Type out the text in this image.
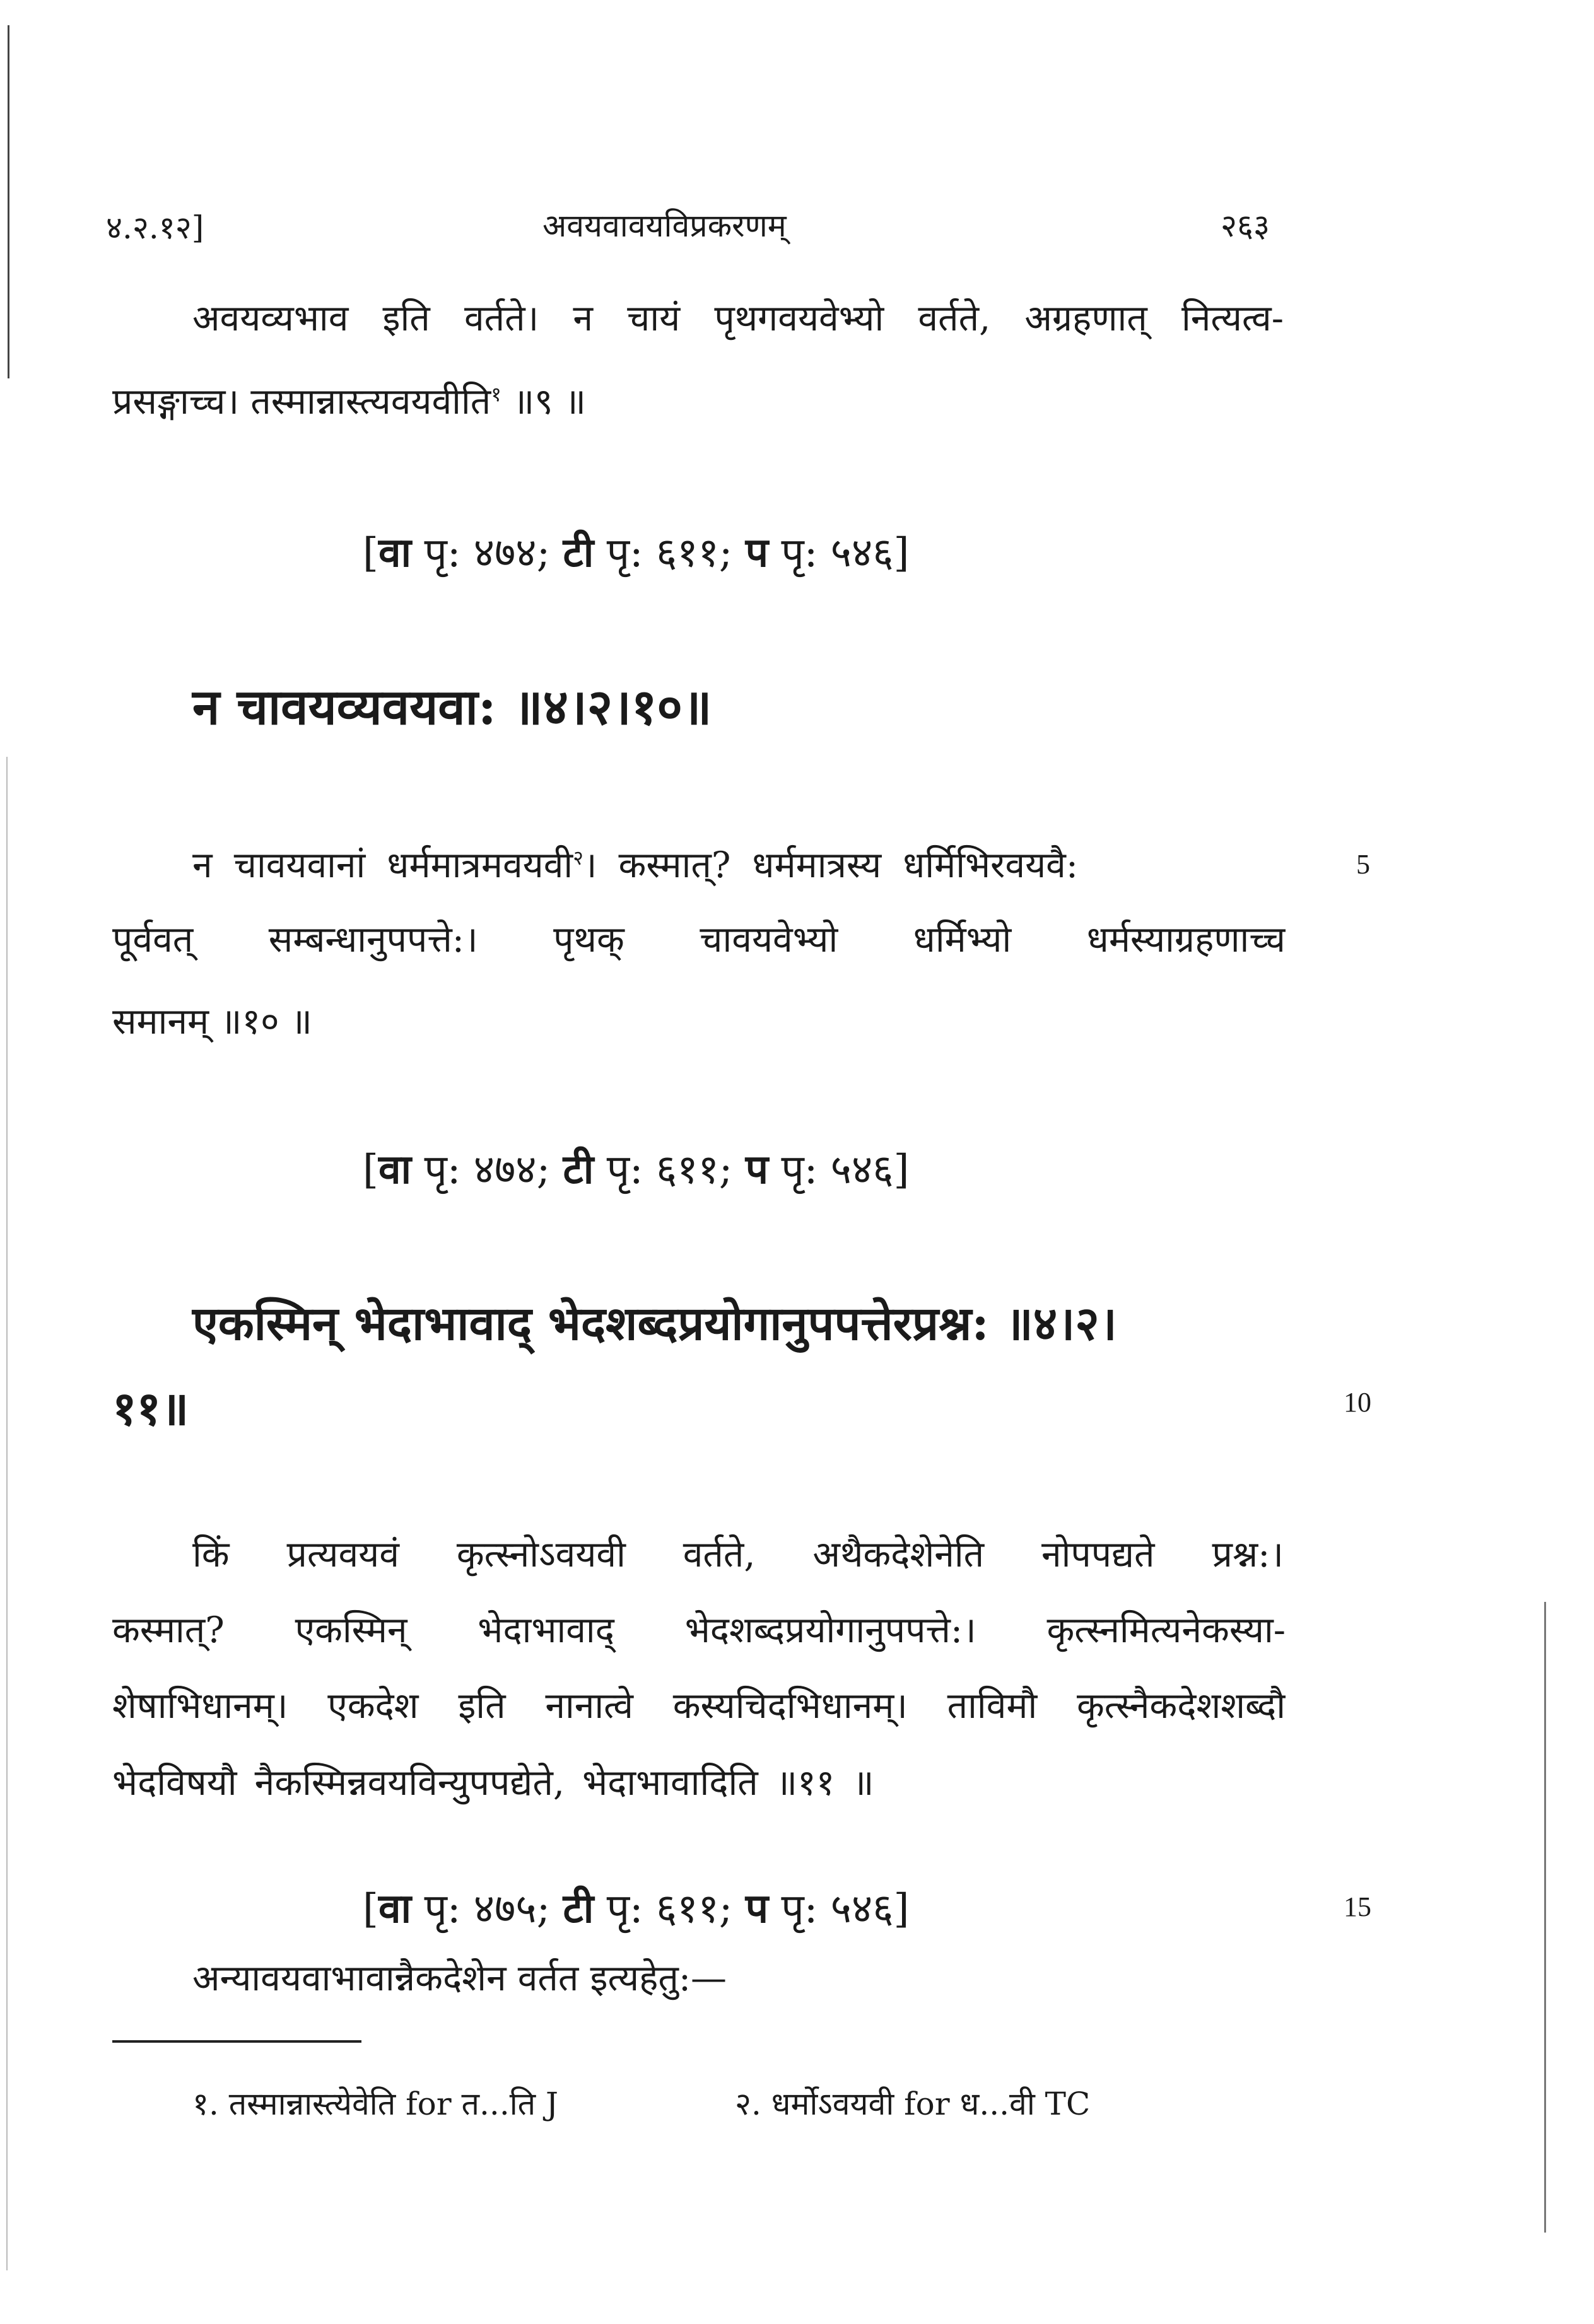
४.२.१२]	अवयवावयविप्रकरणम्	२६३
अवयव्यभाव इति वर्तते। न चायं पृथगवयवेभ्यो वर्तते, अग्रहणात् नित्यत्व-
प्रसङ्गाच्च। तस्मान्नास्त्यवयवीति$^१$ ॥९ ॥
[वा पृ: ४७४; टी पृ: ६११; प पृ: ५४६]
न चावयव्यवयवा: ॥४।२।१०॥
न चावयवानां धर्ममात्रमवयवी$^२$। कस्मात्? धर्ममात्रस्य धर्मिभिरवयवै:	5
पूर्ववत् सम्बन्धानुपपत्ते:। पृथक् चावयवेभ्यो धर्मिभ्यो धर्मस्याग्रहणाच्च
समानम् ॥१० ॥
[वा पृ: ४७४; टी पृ: ६११; प पृ: ५४६]
एकस्मिन् भेदाभावाद् भेदशब्दप्रयोगानुपपत्तेरप्रश्न: ॥४।२।
११॥	10
किं प्रत्यवयवं कृत्स्नोऽवयवी वर्तते, अथैकदेशेनेति नोपपद्यते प्रश्न:।
कस्मात्? एकस्मिन् भेदाभावाद् भेदशब्दप्रयोगानुपपत्ते:। कृत्स्नमित्यनेकस्या-
शेषाभिधानम्। एकदेश इति नानात्वे कस्यचिदभिधानम्। ताविमौ कृत्स्नैकदेशशब्दौ
भेदविषयौ नैकस्मिन्नवयविन्युपपद्येते, भेदाभावादिति ॥११ ॥
[वा पृ: ४७५; टी पृ: ६११; प पृ: ५४६]	15
अन्यावयवाभावान्नैकदेशेन वर्तत इत्यहेतु:—
१. तस्मान्नास्त्येवेति for त...ति J	२. धर्मोऽवयवी for ध...वी TC
